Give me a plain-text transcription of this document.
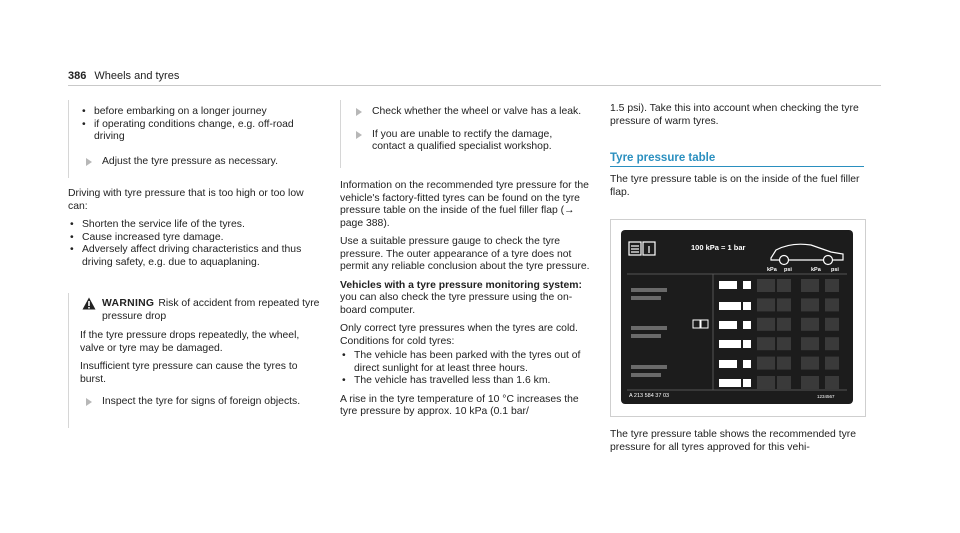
386 Wheels and tyres
• before embarking on a longer journey
• if operating conditions change, e.g. off-road driving
Adjust the tyre pressure as necessary.

Driving with tyre pressure that is too high or too low can:

• Shorten the service life of the tyres.
• Cause increased tyre damage.
• Adversely affect driving characteristics and thus driving safety, e.g. due to aquaplaning.
WARNING Risk of accident from repeated tyre pressure drop

If the tyre pressure drops repeatedly, the wheel, valve or tyre may be damaged.

Insufficient tyre pressure can cause the tyres to burst.

Inspect the tyre for signs of foreign objects.
Check whether the wheel or valve has a leak.
If you are unable to rectify the damage, contact a qualified specialist workshop.

Information on the recommended tyre pressure for the vehicle's factory-fitted tyres can be found on the tyre pressure table on the inside of the fuel filler flap (→ page 388).

Use a suitable pressure gauge to check the tyre pressure. The outer appearance of a tyre does not permit any reliable conclusion about the tyre pressure.

Vehicles with a tyre pressure monitoring system: you can also check the tyre pressure using the on-board computer.

Only correct tyre pressures when the tyres are cold. Conditions for cold tyres:

• The vehicle has been parked with the tyres out of direct sunlight for at least three hours.
• The vehicle has travelled less than 1.6 km.

A rise in the tyre temperature of 10 °C increases the tyre pressure by approx. 10 kPa (0.1 bar/

1.5 psi). Take this into account when checking the tyre pressure of warm tyres.

Tyre pressure table

The tyre pressure table is on the inside of the fuel filler flap.

100 kPa = 1 bar
kPa psi	kPa psi
A 213 584 37 03	1234567

The tyre pressure table shows the recommended tyre pressure for all tyres approved for this vehi-
